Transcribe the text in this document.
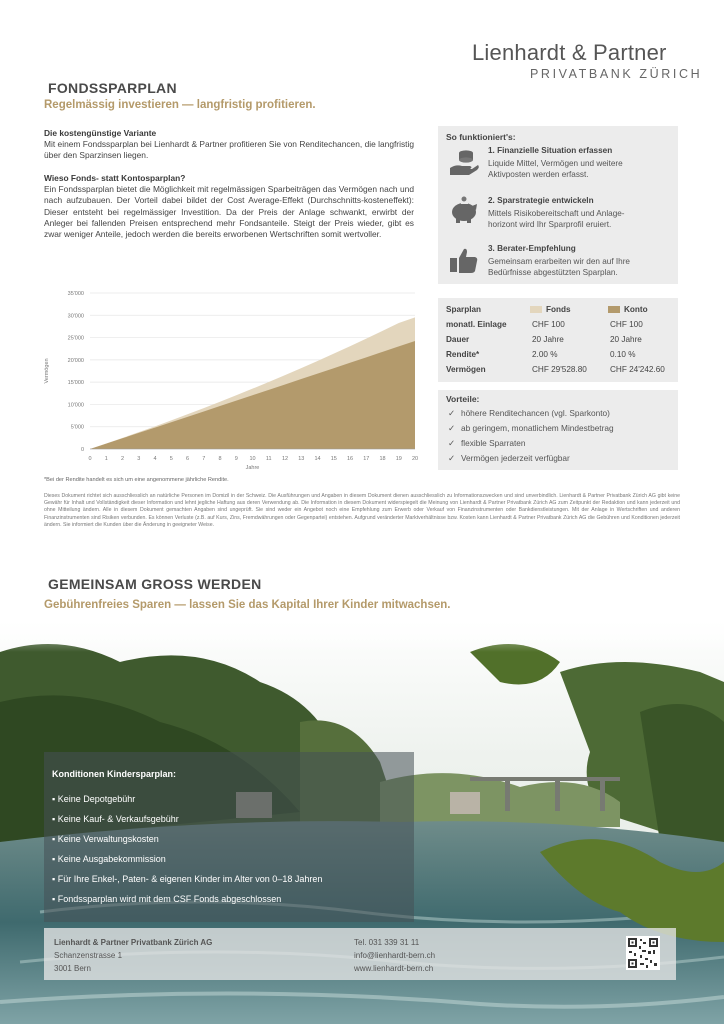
Lienhardt & Partner
PRIVATBANK ZÜRICH
FONDSSPARPLAN
Regelmässig investieren — langfristig profitieren.
Die kostengünstige Variante
Mit einem Fondssparplan bei Lienhardt & Partner profitieren Sie von Renditechancen, die langfristig über den Sparzinsen liegen.
Wieso Fonds- statt Kontosparplan?
Ein Fondssparplan bietet die Möglichkeit mit regelmässigen Sparbeiträgen das Vermögen nach und nach aufzubauen. Der Vorteil dabei bildet der Cost Average-Effekt (Durchschnitts-kosteneffekt): Dieser entsteht bei regelmässiger Investition. Da der Preis der Anlage schwankt, erwirbt der Anleger bei fallenden Preisen entsprechend mehr Fondsanteile. Steigt der Preis wieder, gibt es zwar weniger Anteile, jedoch werden die bereits erworbenen Wertschriften somit wertvoller.
So funktioniert's:
1. Finanzielle Situation erfassen
Liquide Mittel, Vermögen und weitere
Aktivposten werden erfasst.
2. Sparstrategie entwickeln
Mittels Risikobereitschaft und Anlage-
horizont wird Ihr Sparprofil eruiert.
3. Berater-Empfehlung
Gemeinsam erarbeiten wir den auf Ihre
Bedürfnisse abgestützten Sparplan.
35'000
30'000
25'000
20'000
15'000
10'000
5'000
0
0 1 2 3 4 5 6 7 8 9 10 11 12 13 14 15 16 17 18 19 20
Jahre
Vermögen
*Bei der Rendite handelt es sich um eine angenommene jährliche Rendite.
Sparplan	Fonds	Konto
monatl. Einlage	CHF 100	CHF 100
Dauer	20 Jahre	20 Jahre
Rendite*	2.00 %	0.10 %
Vermögen	CHF 29'528.80	CHF 24'242.60
Vorteile:
✓ höhere Renditechancen (vgl. Sparkonto)
✓ ab geringem, monatlichem Mindestbetrag
✓ flexible Sparraten
✓ Vermögen jederzeit verfügbar
Dieses Dokument richtet sich ausschliesslich an natürliche Personen im Domizil in der Schweiz. Die Ausführungen und Angaben in diesem Dokument dienen ausschliesslich zu Informationszwecken und sind unverbindlich. Lienhardt & Partner Privatbank Zürich AG gibt keine Gewähr für Inhalt und Vollständigkeit dieser Information und lehnt jegliche Haftung aus deren Verwendung ab. Die Information in diesem Dokument widerspiegelt die Meinung von Lienhardt & Partner Privatbank Zürich AG zum Zeitpunkt der Redaktion und kann jederzeit und ohne Mitteilung ändern. Alle in diesem Dokument gemachten Angaben sind ungeprüft. Sie sind weder ein Angebot noch eine Empfehlung zum Erwerb oder Verkauf von Finanzinstrumenten oder Bankdienstleistungen. Mit der Anlage in Wertschriften und anderen Finanzinstrumenten sind Risiken verbunden. Es können Verluste (z.B. auf Kurs, Zins, Fremdwährungen oder Gegenpartei) entstehen. Aufgrund veränderter Marktverhältnisse bzw. Kosten kann Lienhardt & Partner Privatbank Zürich AG die Gebühren und Konditionen jederzeit ändern. Sie informiert die Kunden über die Änderung in geeigneter Weise.
GEMEINSAM GROSS WERDEN
Gebührenfreies Sparen — lassen Sie das Kapital Ihrer Kinder mitwachsen.
Konditionen Kindersparplan:
▪ Keine Depotgebühr
▪ Keine Kauf- & Verkaufsgebühr
▪ Keine Verwaltungskosten
▪ Keine Ausgabekommission
▪ Für Ihre Enkel-, Paten- & eigenen Kinder im Alter von 0–18 Jahren
▪ Fondssparplan wird mit dem CSF Fonds abgeschlossen
Lienhardt & Partner Privatbank Zürich AG
Schanzenstrasse 1
3001 Bern
Tel. 031 339 31 11
info@lienhardt-bern.ch
www.lienhardt-bern.ch
